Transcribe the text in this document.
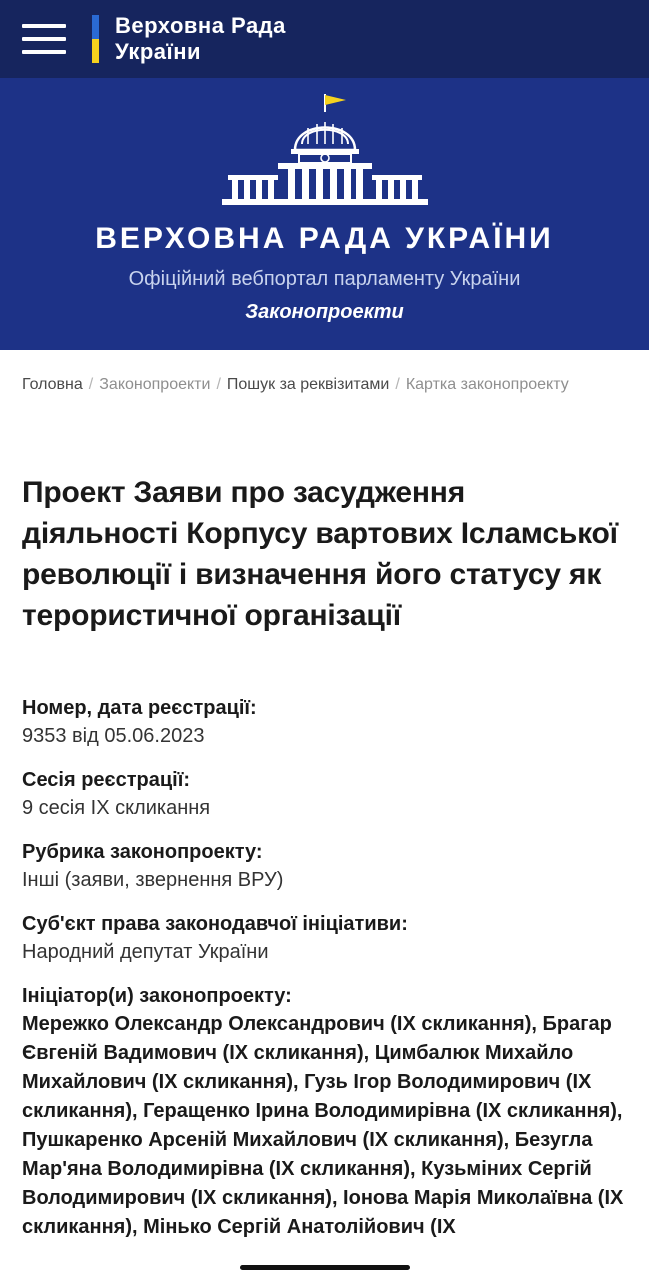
Верховна Рада
України
ВЕРХОВНА РАДА УКРАЇНИ
Офіційний вебпортал парламенту України
Законопроекти
Головна / Законопроекти / Пошук за реквізитами / Картка законопроекту
Проект Заяви про засудження діяльності Корпусу вартових Ісламської революції і визначення його статусу як терористичної організації
Номер, дата реєстрації:
9353 від 05.06.2023
Сесія реєстрації:
9 сесія IX скликання
Рубрика законопроекту:
Інші (заяви, звернення ВРУ)
Суб'єкт права законодавчої ініціативи:
Народний депутат України
Ініціатор(и) законопроекту:
Мережко Олександр Олександрович (IX скликання), Брагар Євгеній Вадимович (IX скликання), Цимбалюк Михайло Михайлович (IX скликання), Гузь Ігор Володимирович (IX скликання), Геращенко Ірина Володимирівна (IX скликання), Пушкаренко Арсеній Михайлович (IX скликання), Безугла Мар'яна Володимирівна (IX скликання), Кузьміних Сергій Володимирович (IX скликання), Іонова Марія Миколаївна (IX скликання), Мінько Сергій Анатолійович (IX
